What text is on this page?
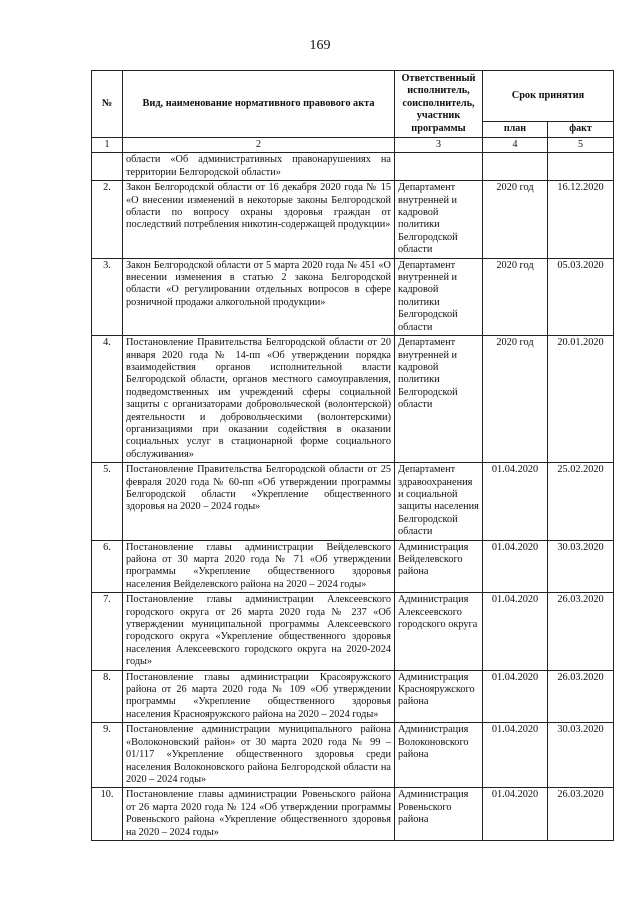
169
№	Вид, наименование нормативного правового акта	Ответственный исполнитель, соисполнитель, участник программы	Срок принятия	
			план	факт
1	2	3	4	5
	области «Об административных правонарушениях на территории Белгородской области»			
2.	Закон Белгородской области от 16 декабря 2020 года № 15 «О внесении изменений в некоторые законы Белгородской области по вопросу охраны здоровья граждан от последствий потребления никотин-содержащей продукции»	Департамент внутренней и кадровой политики Белгородской области	2020 год	16.12.2020
3.	Закон Белгородской области от 5 марта 2020 года № 451 «О внесении изменения в статью 2 закона Белгородской области «О регулировании отдельных вопросов в сфере розничной продажи алкогольной продукции»	Департамент внутренней и кадровой политики Белгородской области	2020 год	05.03.2020
4.	Постановление Правительства Белгородской области от 20 января 2020 года № 14-пп «Об утверждении порядка взаимодействия органов исполнительной власти Белгородской области, органов местного самоуправления, подведомственных им учреждений сферы социальной защиты с организаторами добровольческой (волонтерской) деятельности и добровольческими (волонтерскими) организациями при оказании содействия в оказании социальных услуг в стационарной форме социального обслуживания»	Департамент внутренней и кадровой политики Белгородской области	2020 год	20.01.2020
5.	Постановление Правительства Белгородской области от 25 февраля 2020 года № 60-пп «Об утверждении программы Белгородской области «Укрепление общественного здоровья на 2020 – 2024 годы»	Департамент здравоохранения и социальной защиты населения Белгородской области	01.04.2020	25.02.2020
6.	Постановление главы администрации Вейделевского района от 30 марта 2020 года № 71 «Об утверждении программы «Укрепление общественного здоровья населения Вейделевского района на 2020 – 2024 годы»	Администрация Вейделевского района	01.04.2020	30.03.2020
7.	Постановление главы администрации Алексеевского городского округа от 26 марта 2020 года № 237 «Об утверждении муниципальной программы Алексеевского городского округа «Укрепление общественного здоровья населения Алексеевского городского округа на 2020-2024 годы»	Администрация Алексеевского городского округа	01.04.2020	26.03.2020
8.	Постановление главы администрации Красояружского района от 26 марта 2020 года № 109 «Об утверждении программы «Укрепление общественного здоровья населения Краснояружского района на 2020 – 2024 годы»	Администрация Краснояружского района	01.04.2020	26.03.2020
9.	Постановление администрации муниципального района «Волоконовский район» от 30 марта 2020 года № 99 – 01/117 «Укрепление общественного здоровья среди населения Волоконовского района Белгородской области на 2020 – 2024 годы»	Администрация Волоконовского района	01.04.2020	30.03.2020
10.	Постановление главы администрации Ровеньского района от 26 марта 2020 года № 124 «Об утверждении программы Ровеньского района «Укрепление общественного здоровья на 2020 – 2024 годы»	Администрация Ровеньского района	01.04.2020	26.03.2020
